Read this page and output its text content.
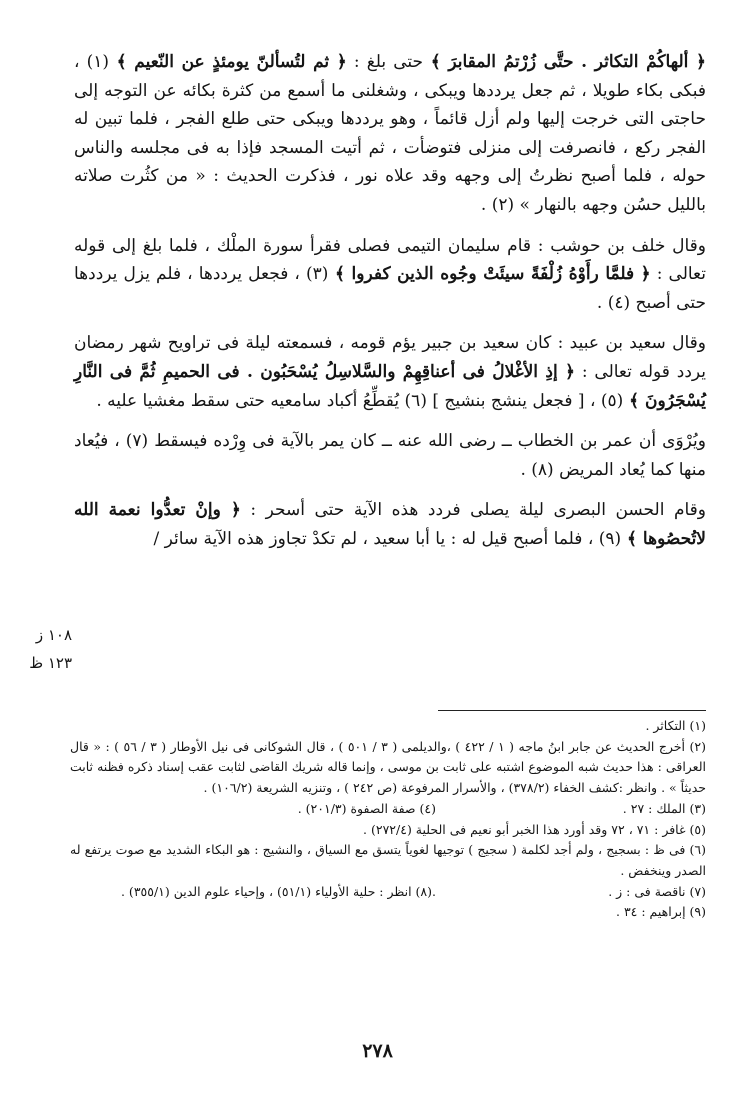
﴿ ألهاكُمْ التكاثر . حتَّى زُرْتمُ المقابرَ ﴾ حتى بلغ : ﴿ ثم لتُسألنّ يومئذٍ عن النّعيم ﴾ (١) ، فبكى بكاء طويلا ، ثم جعل يرددها ويبكى ، وشغلنى ما أسمع من كثرة بكائه عن التوجه إلى حاجتى التى خرجت إليها ولم أزل قائماً ، وهو يرددها ويبكى حتى طلع الفجر ، فلما تبين له الفجر ركع ، فانصرفت إلى منزلى فتوضأت ، ثم أتيت المسجد فإذا به فى مجلسه والناس حوله ، فلما أصبح نظرتُ إلى وجهه وقد علاه نور ، فذكرت الحديث : « من كثُرت صلاته بالليل حسُن وجهه بالنهار » (٢) .

وقال خلف بن حوشب : قام سليمان التيمى فصلى فقرأ سورة الملْك ، فلما بلغ إلى قوله تعالى : ﴿ فلمَّا رأَوْهُ زُلْفَةً سيئَتْ وجُوه الذين كفروا ﴾ (٣) ، فجعل يرددها ، فلم يزل يرددها حتى أصبح (٤) .

وقال سعيد بن عبيد : كان سعيد بن جبير يؤم قومه ، فسمعته ليلة فى تراويح شهر رمضان يردد قوله تعالى : ﴿ إذِ الأغْلالُ فى أعناقِهِمْ والسَّلاسِلُ يُسْحَبُون . فى الحميمِ ثُمَّ فى النَّارِ يُسْجَرُونَ ﴾ (٥) ، [ فجعل ينشج بنشيج ] (٦) يُقطِّعُ أكباد سامعيه حتى سقط مغشيا عليه .

ويُرْوَى أن عمر بن الخطاب ــ رضى الله عنه ــ كان يمر بالآية فى وِرْده فيسقط (٧) ، فيُعاد منها كما يُعاد المريض (٨) .

وقام الحسن البصرى ليلة يصلى فردد هذه الآية حتى أسحر : ﴿ وإنْ تعدُّوا نعمة الله لاتُحصُوها ﴾ (٩) ، فلما أصبح قيل له : يا أبا سعيد ، لم تكدْ تجاوز هذه الآية سائر /

١٠٨ ز
١٢٣ ظ

(١) التكاثر .

(٢) أخرج الحديث عن جابر ابنُ ماجه ( ١ / ٤٢٢ ) ،والديلمى ( ٣ / ٥٠١ ) ، قال الشوكانى فى نيل الأوطار ( ٣ / ٥٦ ) : « قال العراقى : هذا حديث شبه الموضوع اشتبه على ثابت بن موسى ، وإنما قاله شريك القاضى لثابت عقب إسناد ذكره فظنه ثابت حديثاً » . وانظر :كشف الخفاء (٣٧٨/٢) ، والأسرار المرفوعة (ص ٢٤٢ ) ، وتنزيه الشريعة (١٠٦/٢) .

(٣) الملك : ٢٧ .

(٤) صفة الصفوة (٢٠١/٣) .

(٥) غافر : ٧١ ، ٧٢ وقد أورد هذا الخبر أبو نعيم فى الحلية (٢٧٢/٤) .

(٦) فى ظ : بسجيج ، ولم أجد لكلمة ( سجيج ) توجيها لغوياً يتسق مع السياق ، والنشيج : هو البكاء الشديد مع صوت يرتفع له الصدر وينخفض .

(٧) ناقصة فى : ز .

.(٨) انظر : حلية الأولياء (٥١/١) ، وإحياء علوم الدين (٣٥٥/١) .

(٩) إبراهيم : ٣٤ .

٢٧٨
